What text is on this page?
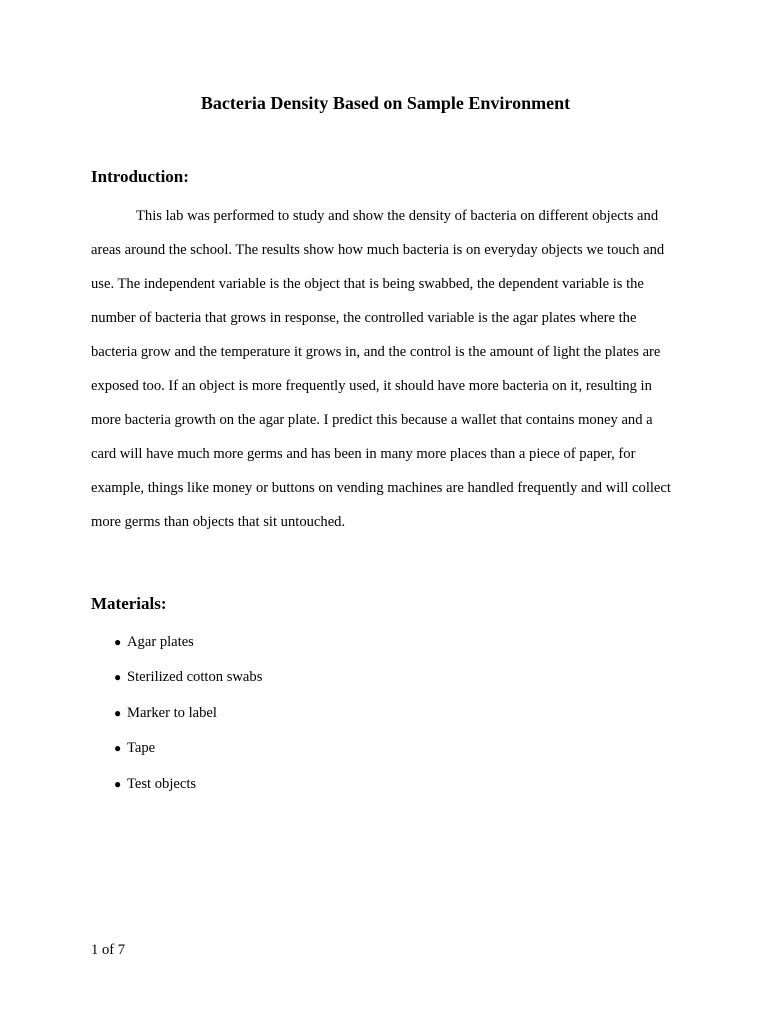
Bacteria Density Based on Sample Environment
Introduction:

This lab was performed to study and show the density of bacteria on different objects and areas around the school. The results show how much bacteria is on everyday objects we touch and use. The independent variable is the object that is being swabbed, the dependent variable is the number of bacteria that grows in response, the controlled variable is the agar plates where the bacteria grow and the temperature it grows in, and the control is the amount of light the plates are exposed too. If an object is more frequently used, it should have more bacteria on it, resulting in more bacteria growth on the agar plate. I predict this because a wallet that contains money and a card will have much more germs and has been in many more places than a piece of paper, for example, things like money or buttons on vending machines are handled frequently and will collect more germs than objects that sit untouched.

Materials:
● Agar plates
● Sterilized cotton swabs
● Marker to label
● Tape
● Test objects

1 of 7
